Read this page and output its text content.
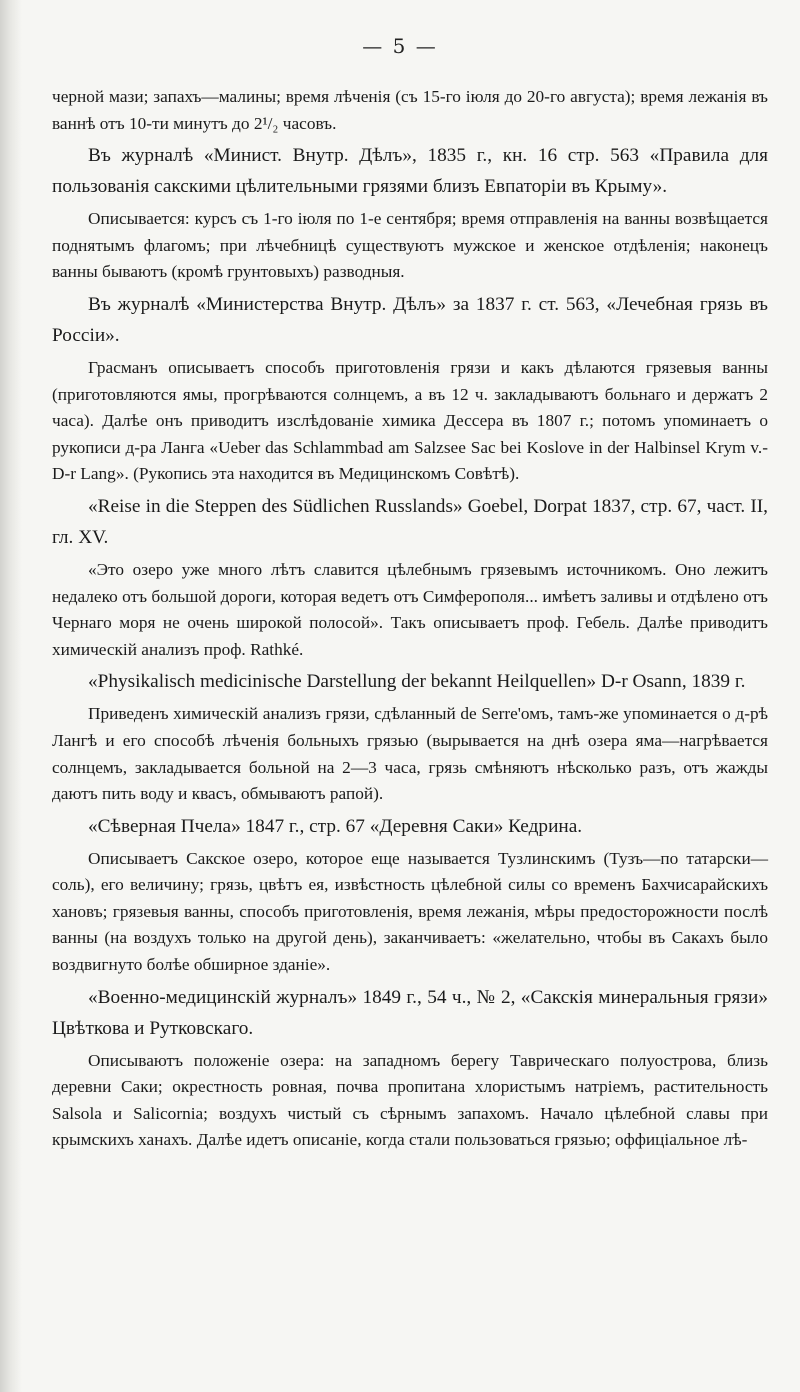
— 5 —

черной мази; запахъ—малины; время лѣченія (съ 15-го іюля до 20-го августа); время лежанія въ ваннѣ отъ 10-ти минутъ до 2¹/₂ часовъ.

Въ журналѣ «Минист. Внутр. Дѣлъ», 1835 г., кн. 16 стр. 563 «Правила для пользованія сакскими цѣлительными грязями близъ Евпаторіи въ Крыму».

Описывается: курсъ съ 1-го іюля по 1-е сентября; время отправленія на ванны возвѣщается поднятымъ флагомъ; при лѣчебницѣ существуютъ мужское и женское отдѣленія; наконецъ ванны бываютъ (кромѣ грунтовыхъ) разводныя.

Въ журналѣ «Министерства Внутр. Дѣлъ» за 1837 г. ст. 563, «Лечебная грязь въ Россіи».

Грасманъ описываетъ способъ приготовленія грязи и какъ дѣлаются грязевыя ванны (приготовляются ямы, прогрѣваются солнцемъ, а въ 12 ч. закладываютъ больнаго и держатъ 2 часа). Далѣе онъ приводитъ изслѣдованіе химика Дессера въ 1807 г.; потомъ упоминаетъ о рукописи д-ра Ланга «Ueber das Schlammbad am Salzsee Sac bei Koslove in der Halbinsel Krym v.-D-r Lang». (Рукопись эта находится въ Медицинскомъ Совѣтѣ).

«Reise in die Steppen des Südlichen Russlands» Goebel, Dorpat 1837, стр. 67, част. II, гл. XV.

«Это озеро уже много лѣтъ славится цѣлебнымъ грязевымъ источникомъ. Оно лежитъ недалеко отъ большой дороги, которая ведетъ отъ Симферополя... имѣетъ заливы и отдѣлено отъ Чернаго моря не очень широкой полосой». Такъ описываетъ проф. Гебель. Далѣе приводитъ химическій анализъ проф. Rathké.

«Physikalisch medicinische Darstellung der bekannt Heilquellen» D-r Osann, 1839 г.

Приведенъ химическій анализъ грязи, сдѣланный de Serre'омъ, тамъ-же упоминается о д-рѣ Лангѣ и его способѣ лѣченія больныхъ грязью (вырывается на днѣ озера яма—нагрѣвается солнцемъ, закладывается больной на 2—3 часа, грязь смѣняютъ нѣсколько разъ, отъ жажды даютъ пить воду и квасъ, обмываютъ рапой).

«Сѣверная Пчела» 1847 г., стр. 67 «Деревня Саки» Кедрина.

Описываетъ Сакское озеро, которое еще называется Тузлинскимъ (Тузъ—по татарски—соль), его величину; грязь, цвѣтъ ея, извѣстность цѣлебной силы со временъ Бахчисарайскихъ хановъ; грязевыя ванны, способъ приготовленія, время лежанія, мѣры предосторожности послѣ ванны (на воздухъ только на другой день), заканчиваетъ: «желательно, чтобы въ Сакахъ было воздвигнуто болѣе обширное зданіе».

«Военно-медицинскій журналъ» 1849 г., 54 ч., № 2, «Сакскія минеральныя грязи» Цвѣткова и Рутковскаго.

Описываютъ положеніе озера: на западномъ берегу Таврическаго полуострова, близь деревни Саки; окрестность ровная, почва пропитана хлористымъ натріемъ, растительность Salsola и Salicornia; воздухъ чистый съ сѣрнымъ запахомъ. Начало цѣлебной славы при крымскихъ ханахъ. Далѣе идетъ описаніе, когда стали пользоваться грязью; оффиціальное лѣ-
